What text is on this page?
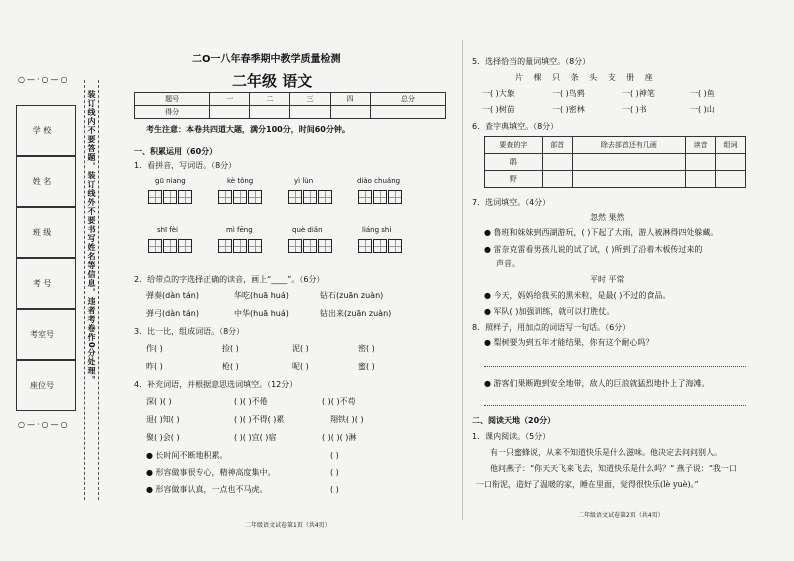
○—·○—○
学 校
姓 名
班 级
考 号
考室号
座位号
○—·○—○
装订线内不要答题，装订线外不要书写姓名等信息，违者考卷作0分处理。
二O一八年春季期中教学质量检测
二年级 语文
题号	一	二	三	四	总分
得分					
考生注意：本卷共四道大题，满分100分，时间60分钟。
一、积累运用（60分）
1．看拼音，写词语。（8分）
gū niang	kè tǒng	yì lùn	diào chuáng
shī fèi	mì fēng	què diǎn	liáng shi
2．给带点的字选择正确的读音，画上“____”。（6分）
弹奏(dàn tán)	华吃(huā huá)	钻石(zuān zuàn)
弹弓(dàn tán)	中华(huā huá)	钻出来(zuān zuàn)
3．比一比，组成词语。（8分）
作( )	捡( )	泥( )	密( )
昨( )	枪( )	呢( )	蜜( )
4．补充词语，并根据意思选词填空。（12分）
深( )( )	( )( )不倦	( )( )不苟
退( )知( )	( )( )不得( )累	翔铁( )( )
聚( )会( )	( )( )宜( )宿	( )( )( )淋
● 长时间不断地积累。	( )
● 形容做事很专心，精神高度集中。	( )
● 形容做事认真，一点也不马虎。	( )
二年级语文试卷第1页（共4页）
5．选择恰当的量词填空。（8分）
片 棵 只 条 头 支 册 座
一( )大象	一( )鸟鸦	一( )神笔	一( )鱼
一( )树苗	一( )密林	一( )书	一( )山
6．查字典填空。（8分）
要查的字	部首	除去部首还有几画	读音	组词
鹃				
野				
7．选词填空。（4分）
忽然 果然
● 鲁班和妹妹到西湖游玩，( )下起了大雨，游人被淋得四处躲藏。
● 雷奈克雷看男孩儿说的试了试，( )所到了沿着木板传过来的
声音。
平时 平常
● 今天，妈妈给我买的黑米粒，是最( )不过的食品。
● 军队( )加强训练，就可以打胜仗。
8．照样子，用加点的词语写一句话。（6分）
● 梨树要为到五年才能结果，你有这个耐心吗？
● 游客们果断跑到安全地带，敌人的巨浪就猛烈地扑上了海滩。
二、阅读天地（20分）
1．课内阅读。（5分）
有一只蜜蜂说，从来不知道快乐是什么滋味。他决定去问问别人。
他问燕子：“你天天飞来飞去，知道快乐是什么吗？” 燕子说：“我一口
一口衔泥，造好了温暖的家，睡在里面，觉得很快乐(lè yuè)。”
二年级语文试卷第2页（共4页）
